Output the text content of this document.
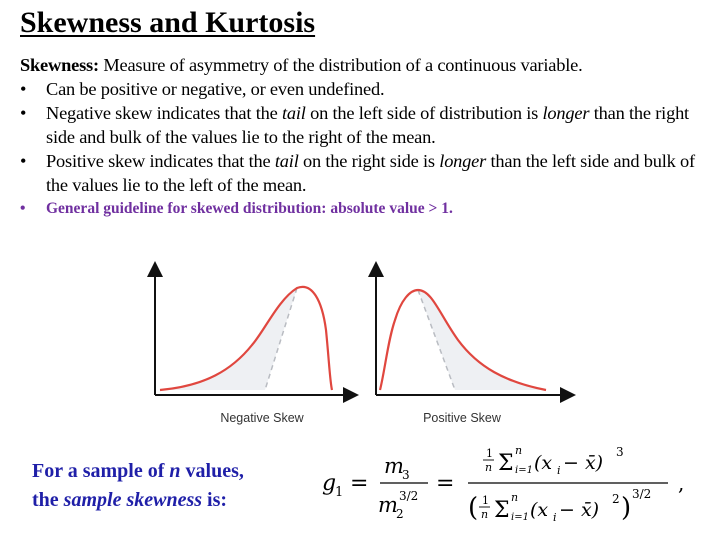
Skewness and Kurtosis
Skewness: Measure of asymmetry of the distribution of a continuous variable.
• Can be positive or negative, or even undefined.
• Negative skew indicates that the tail on the left side of distribution is longer than the right side and bulk of the values lie to the right of the mean.
• Positive skew indicates that the tail on the right side is longer than the left side and bulk of the values lie to the left of the mean.
• General guideline for skewed distribution: absolute value > 1.
Negative Skew	Positive Skew
For a sample of n values,
the sample skewness is:
g
1 =
m
3
m
2
3/2 =
1
n Σ
n
i=1 (x i − x̄) 3
( 1
n Σ
n
i=1 (x i − x̄) 2 ) 3/2 ,
